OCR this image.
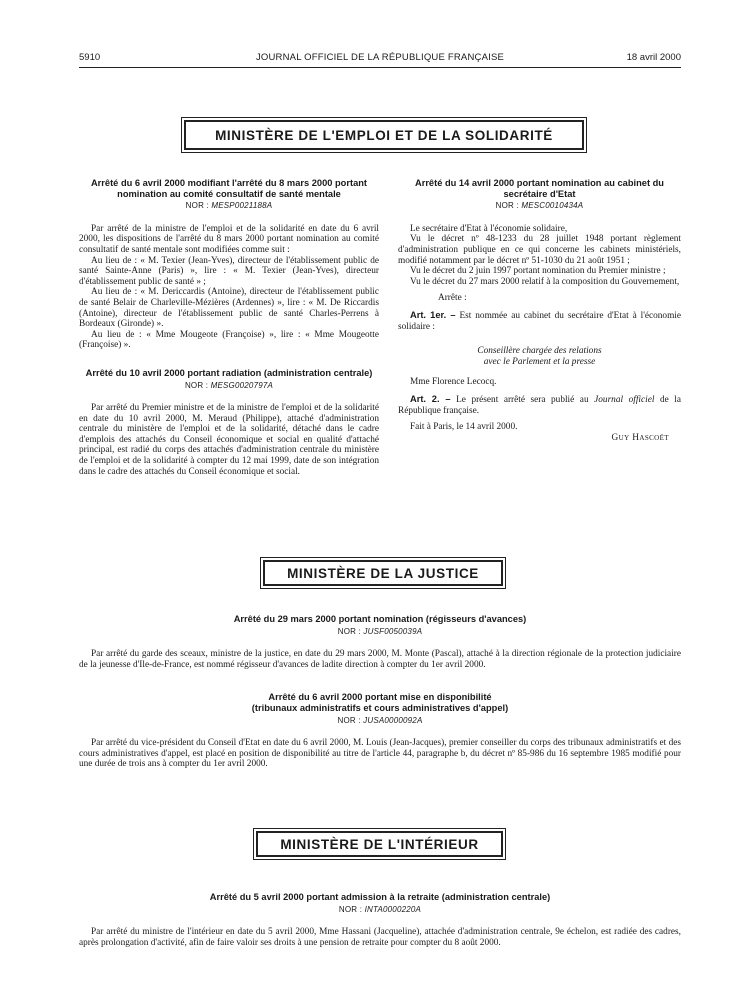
5910	JOURNAL OFFICIEL DE LA RÉPUBLIQUE FRANÇAISE	18 avril 2000
MINISTÈRE DE L'EMPLOI ET DE LA SOLIDARITÉ

Arrêté du 6 avril 2000 modifiant l'arrêté du 8 mars 2000 portant nomination au comité consultatif de santé mentale

NOR : MESP0021188A

Par arrêté de la ministre de l'emploi et de la solidarité en date du 6 avril 2000, les dispositions de l'arrêté du 8 mars 2000 portant nomination au comité consultatif de santé mentale sont modifiées comme suit :

Au lieu de : « M. Texier (Jean-Yves), directeur de l'établissement public de santé Sainte-Anne (Paris) », lire : « M. Texier (Jean-Yves), directeur d'établissement public de santé » ;

Au lieu de : « M. Dericcardis (Antoine), directeur de l'établissement public de santé Belair de Charleville-Mézières (Ardennes) », lire : « M. De Riccardis (Antoine), directeur de l'établissement public de santé Charles-Perrens à Bordeaux (Gironde) ».

Au lieu de : « Mme Mougeote (Françoise) », lire : « Mme Mougeotte (Françoise) ».

Arrêté du 10 avril 2000 portant radiation (administration centrale)

NOR : MESG0020797A

Par arrêté du Premier ministre et de la ministre de l'emploi et de la solidarité en date du 10 avril 2000, M. Meraud (Philippe), attaché d'administration centrale du ministère de l'emploi et de la solidarité, détaché dans le cadre d'emplois des attachés du Conseil économique et social en qualité d'attaché principal, est radié du corps des attachés d'administration centrale du ministère de l'emploi et de la solidarité à compter du 12 mai 1999, date de son intégration dans le cadre des attachés du Conseil économique et social.

Arrêté du 14 avril 2000 portant nomination au cabinet du secrétaire d'Etat

NOR : MESC0010434A

Le secrétaire d'Etat à l'économie solidaire,

Vu le décret nº 48-1233 du 28 juillet 1948 portant règlement d'administration publique en ce qui concerne les cabinets ministériels, modifié notamment par le décret nº 51-1030 du 21 août 1951 ;

Vu le décret du 2 juin 1997 portant nomination du Premier ministre ;

Vu le décret du 27 mars 2000 relatif à la composition du Gouvernement,

Arrête :

Art. 1er. – Est nommée au cabinet du secrétaire d'Etat à l'économie solidaire :

Conseillère chargée des relations

avec le Parlement et la presse

Mme Florence Lecocq.

Art. 2. – Le présent arrêté sera publié au Journal officiel de la République française.

Fait à Paris, le 14 avril 2000.

Guy Hascoët

MINISTÈRE DE LA JUSTICE

Arrêté du 29 mars 2000 portant nomination (régisseurs d'avances)

NOR : JUSF0050039A

Par arrêté du garde des sceaux, ministre de la justice, en date du 29 mars 2000, M. Monte (Pascal), attaché à la direction régionale de la protection judiciaire de la jeunesse d'Ile-de-France, est nommé régisseur d'avances de ladite direction à compter du 1er avril 2000.

Arrêté du 6 avril 2000 portant mise en disponibilité

(tribunaux administratifs et cours administratives d'appel)

NOR : JUSA0000092A

Par arrêté du vice-président du Conseil d'Etat en date du 6 avril 2000, M. Louis (Jean-Jacques), premier conseiller du corps des tribunaux administratifs et des cours administratives d'appel, est placé en position de disponibilité au titre de l'article 44, paragraphe b, du décret nº 85-986 du 16 septembre 1985 modifié pour une durée de trois ans à compter du 1er avril 2000.

MINISTÈRE DE L'INTÉRIEUR

Arrêté du 5 avril 2000 portant admission à la retraite (administration centrale)

NOR : INTA0000220A

Par arrêté du ministre de l'intérieur en date du 5 avril 2000, Mme Hassani (Jacqueline), attachée d'administration centrale, 9e échelon, est radiée des cadres, après prolongation d'activité, afin de faire valoir ses droits à une pension de retraite pour compter du 8 août 2000.
